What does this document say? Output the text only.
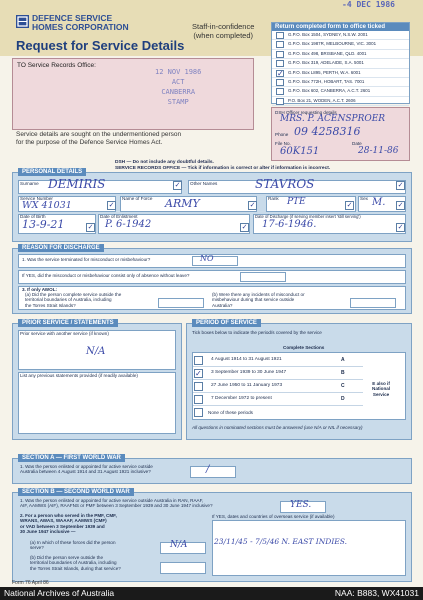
-4 DEC 1986
DEFENCE SERVICE
HOMES CORPORATION	Staff-in-confidence
(when completed)
Request for Service Details
Return completed form to office ticked
G.P.O. Box 1504, SYDNEY, N.S.W. 2001
G.P.O. Box 1987R, MELBOURNE, VIC. 3001
G.P.O. Box 498, BRISBANE, QLD. 4001
G.P.O. Box 319, ADELAIDE, S.A. 5001
✓ G.P.O. Box L895, PERTH, W.A. 6001
G.P.O. Box 772H, HOBART, TAS. 7001
G.P.O. Box 602, CANBERRA, A.C.T. 2601
P.O. Box 21, WODEN, A.C.T. 2606
TO Service Records Office:
12 NOV 1986
ACT
CANBERRA
STAMP
Service details are sought on the undermentioned person
for the purpose of the Defence Service Homes Act.
DSH Officer requesting details
MRS. P. ACENSPROER
Phone 09 4258316
File No.	Date
60K151	28-11-86
DSH — Do not include any doubtful details.
SERVICE RECORDS OFFICE — Tick if information is correct or alter if information is incorrect.
PERSONAL DETAILS
Surname DEMIRIS	✓	Other Names	STAVROS	✓
Service Number
WX 41031	✓
Name of Force ARMY	✓
Rank PTE	✓
Sex M. ✓
Date of Birth
13-9-21	✓
Date of Enlistment
P. 6-1942	✓
Date of Discharge (if serving member insert 'still serving')
17-6-1946.	✓
REASON FOR DISCHARGE
1. Was the service terminated for misconduct or misbehaviour?	NO
If YES, did the misconduct or misbehaviour consist only of absence without leave?
3. If only AWOL:
(a) Did the person complete service outside the
territorial boundaries of Australia, including
the Torres Strait Islands?
(b) Were there any incidents of misconduct or
misbehaviour during that service outside
Australia?
PRIOR SERVICE / STATEMENTS
Prior service with another service (if known)
N/A
List any previous statements provided (if readily available)
PERIOD OF SERVICE
Tick boxes below to indicate the period/s covered by the service
Complete Sections
4 August 1914 to 31 August 1921	A
✓ 3 September 1939 to 30 June 1947	B
27 June 1950 to 11 January 1973	C
7 December 1972 to present	D
E also if
National
Service
None of these periods
All questions in nominated sections must be answered (use N/A or NIL if necessary)
SECTION A — FIRST WORLD WAR
1. Was the person enlisted or appointed for active service outside
Australia between 4 August 1914 and 31 August 1921 inclusive?	/
SECTION B — SECOND WORLD WAR
1. Was the person enlisted or appointed for active service outside Australia in RAN, RAAF,
AIF, AAMWS (AIF), RAAFNS or PMF between 3 September 1939 and 30 June 1947 inclusive?	YES.
2. For a person who served in the PMF, CMF,
WRANS, AWAS, WAAAF, AAMWS (CMF)
or VAD between 3 September 1939 and
30 June 1947 inclusive —
(a) In which of these forces did the person
serve?	N/A
(b) Did the person serve outside the
territorial boundaries of Australia, including
the Torres Strait Islands, during that service?
If YES, dates and countries of overseas service (if available)
23/11/45 - 7/5/46 N. EAST INDIES.
Form 76 April 86
National Archives of Australia	NAA: B883, WX41031
